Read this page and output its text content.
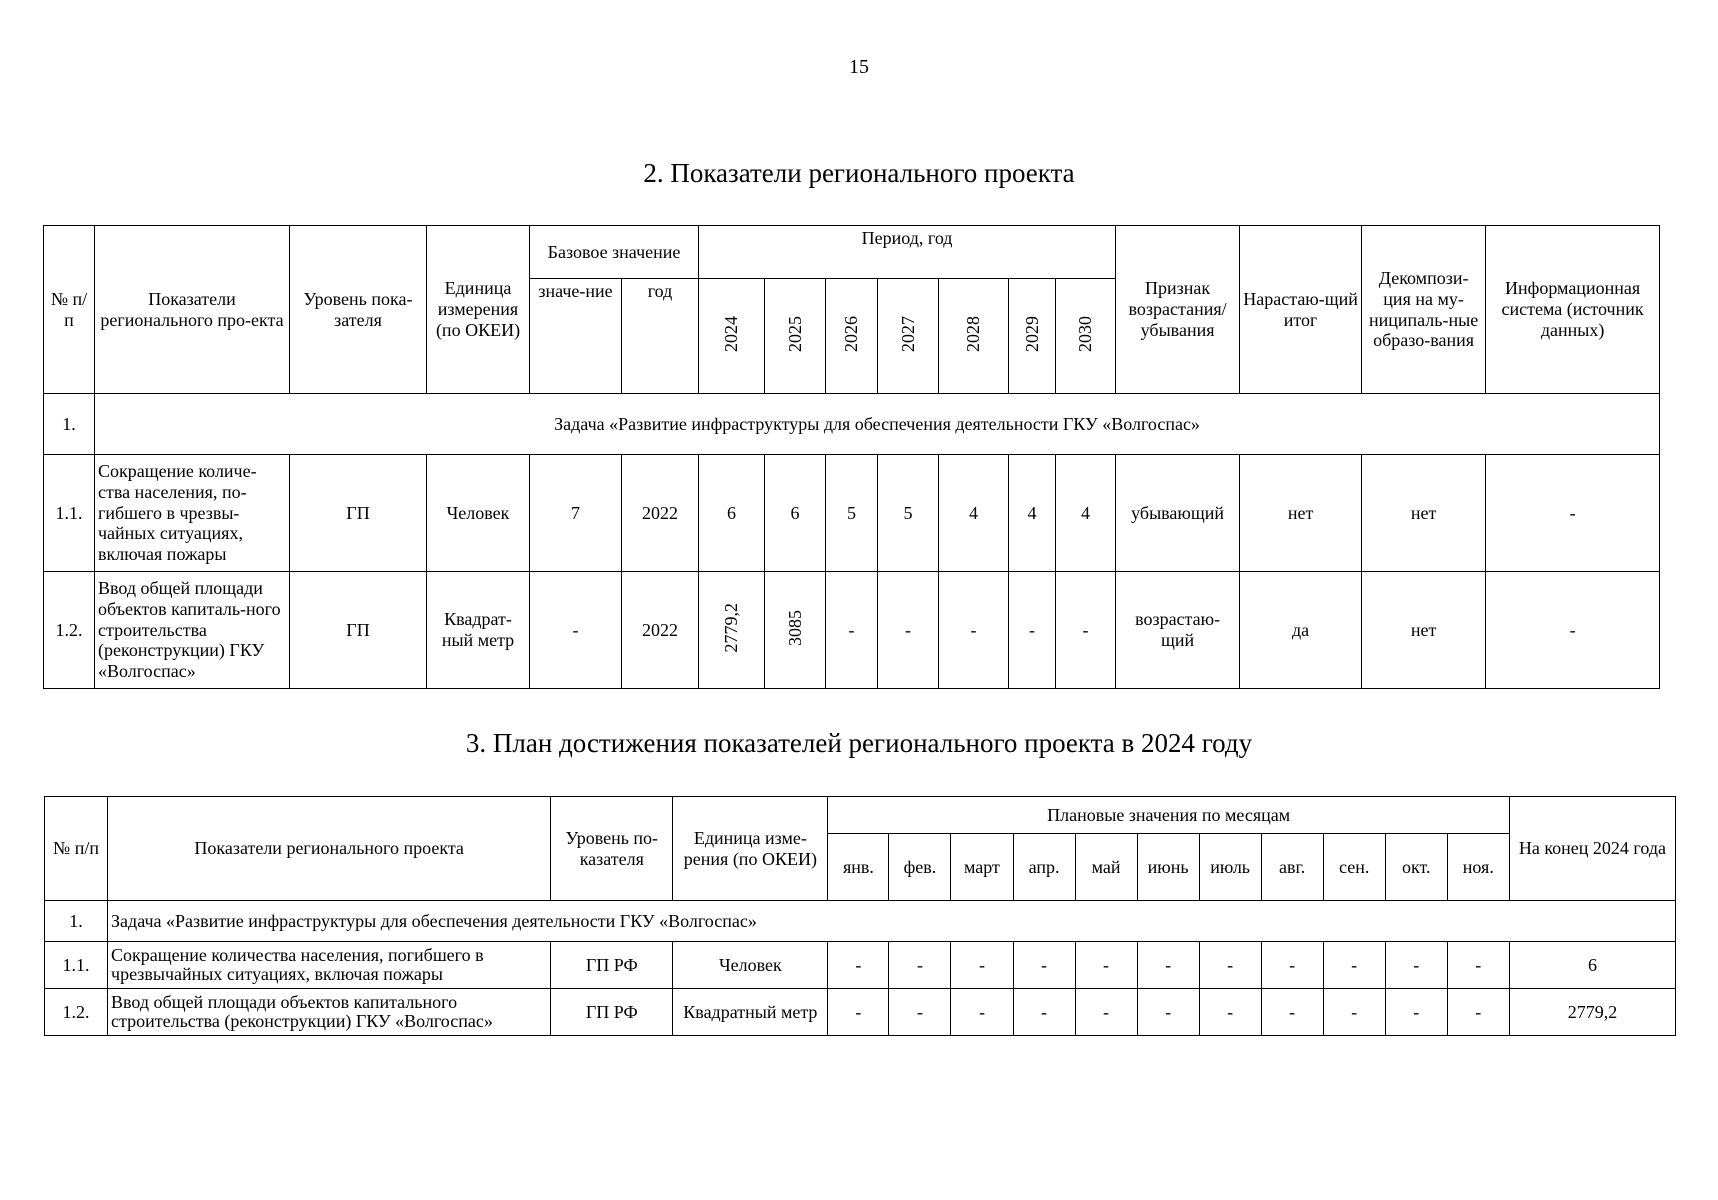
15
2. Показатели регионального проекта
№ п/п	Показатели регионального про-екта	Уровень пока-зателя	Единица измерения (по ОКЕИ)	Базовое значение		Период, год							Признак возрастания/ убывания	Нарастаю-щий итог	Декомпози-ция на му-ниципаль-ные образо-вания	Информационная система (источник данных)
				значе-ние	год	2024	2025	2026	2027	2028	2029	2030				
1.	Задача «Развитие инфраструктуры для обеспечения деятельности ГКУ «Волгоспас»															
1.1.	Сокращение количе-ства населения, по-гибшего в чрезвы-чайных ситуациях, включая пожары	ГП	Человек	7	2022	6	6	5	5	4	4	4	убывающий	нет	нет	-
1.2.	Ввод общей площади объектов капиталь-ного строительства (реконструкции) ГКУ «Волгоспас»	ГП	Квадрат-ный метр	-	2022	2779,2	3085	-	-	-	-	-	возрастаю-щий	да	нет	-
3. План достижения показателей регионального проекта в 2024 году
№ п/п	Показатели регионального проекта	Уровень по-казателя	Единица изме-рения (по ОКЕИ)	Плановые значения по месяцам											На конец 2024 года
				янв.	фев.	март	апр.	май	июнь	июль	авг.	сен.	окт.	ноя.	
1.	Задача «Развитие инфраструктуры для обеспечения деятельности ГКУ «Волгоспас»														
1.1.	Сокращение количества населения, погибшего в чрезвычайных ситуациях, включая пожары	ГП РФ	Человек	-	-	-	-	-	-	-	-	-	-	-	6
1.2.	Ввод общей площади объектов капитального строительства (реконструкции) ГКУ «Волгоспас»	ГП РФ	Квадратный метр	-	-	-	-	-	-	-	-	-	-	-	2779,2
